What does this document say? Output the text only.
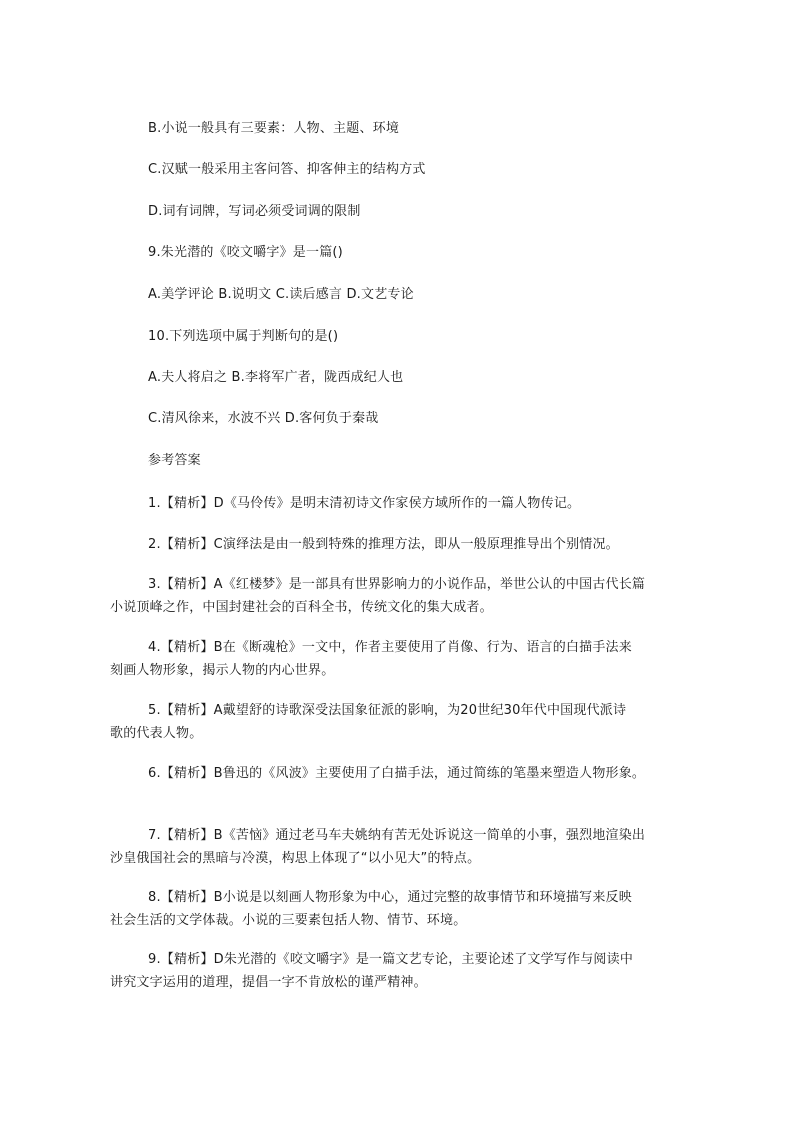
B.小说一般具有三要素：人物、主题、环境
C.汉赋一般采用主客问答、抑客伸主的结构方式
D.词有词牌，写词必须受词调的限制
9.朱光潜的《咬文嚼字》是一篇()
A.美学评论 B.说明文 C.读后感言 D.文艺专论
10.下列选项中属于判断句的是()
A.夫人将启之 B.李将军广者，陇西成纪人也
C.清风徐来，水波不兴 D.客何负于秦哉
参考答案
1.【精析】D《马伶传》是明末清初诗文作家侯方域所作的一篇人物传记。
2.【精析】C演绎法是由一般到特殊的推理方法，即从一般原理推导出个别情况。
3.【精析】A《红楼梦》是一部具有世界影响力的小说作品，举世公认的中国古代长篇
小说顶峰之作，中国封建社会的百科全书，传统文化的集大成者。
4.【精析】B在《断魂枪》一文中，作者主要使用了肖像、行为、语言的白描手法来
刻画人物形象，揭示人物的内心世界。
5.【精析】A戴望舒的诗歌深受法国象征派的影响，为20世纪30年代中国现代派诗
歌的代表人物。
6.【精析】B鲁迅的《风波》主要使用了白描手法，通过简练的笔墨来塑造人物形象。
7.【精析】B《苦恼》通过老马车夫姚纳有苦无处诉说这一简单的小事，强烈地渲染出
沙皇俄国社会的黑暗与冷漠，构思上体现了“以小见大”的特点。
8.【精析】B小说是以刻画人物形象为中心，通过完整的故事情节和环境描写来反映
社会生活的文学体裁。小说的三要素包括人物、情节、环境。
9.【精析】D朱光潜的《咬文嚼字》是一篇文艺专论，主要论述了文学写作与阅读中
讲究文字运用的道理，提倡一字不肯放松的谨严精神。
